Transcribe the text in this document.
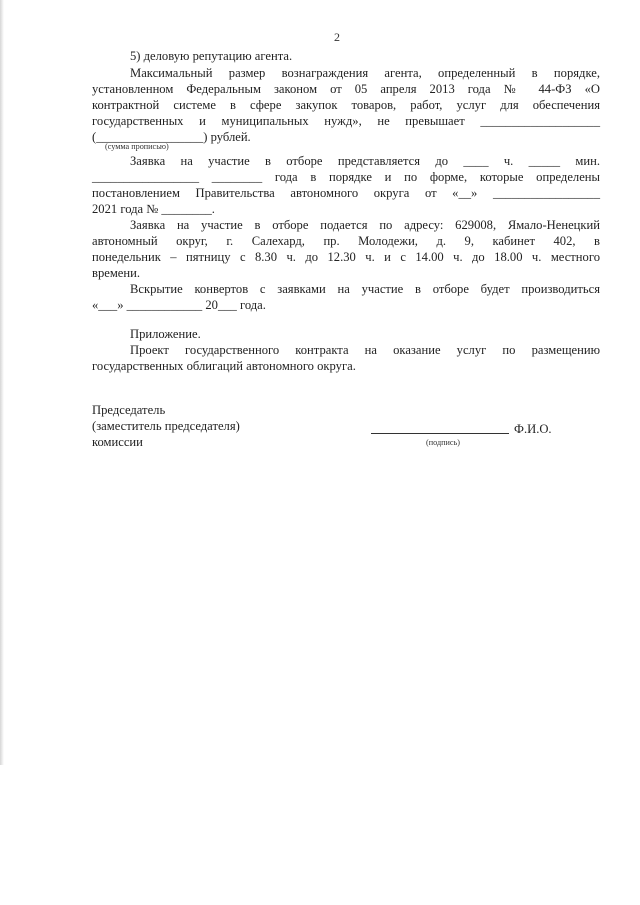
2
5) деловую репутацию агента.
Максимальный размер вознаграждения агента, определенный в порядке,
установленном Федеральным законом от 05 апреля 2013 года № 44-ФЗ «О
контрактной системе в сфере закупок товаров, работ, услуг для обеспечения
государственных и муниципальных нужд», не превышает ___________________
(_________________) рублей.
(сумма прописью)
Заявка на участие в отборе представляется до ____ ч. _____ мин.
_________________ ________ года в порядке и по форме, которые определены
постановлением Правительства автономного округа от «__» _________________
2021 года № ________.
Заявка на участие в отборе подается по адресу: 629008, Ямало-Ненецкий
автономный округ, г. Салехард, пр. Молодежи, д. 9, кабинет 402, в
понедельник – пятницу с 8.30 ч. до 12.30 ч. и с 14.00 ч. до 18.00 ч. местного
времени.
Вскрытие конвертов с заявками на участие в отборе будет производиться
«___» ____________ 20___ года.
Приложение.
Проект государственного контракта на оказание услуг по размещению
государственных облигаций автономного округа.
Председатель
(заместитель председателя)
комиссии
Ф.И.О.
(подпись)
